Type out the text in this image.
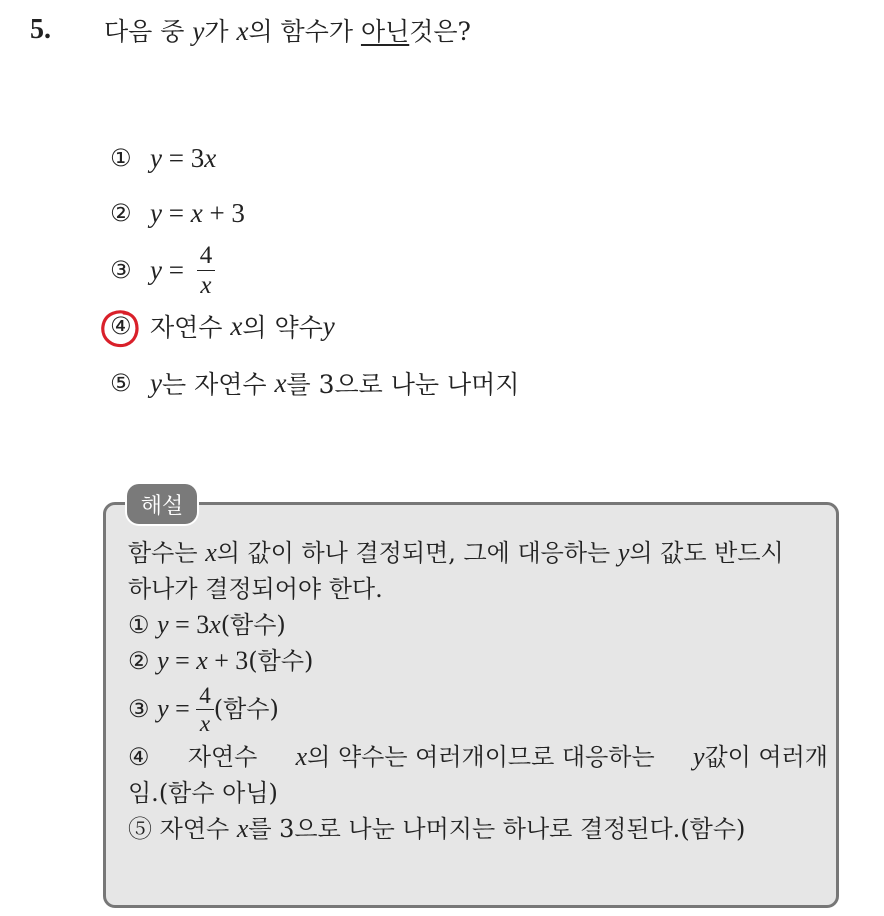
5. 다음 중 y가 x의 함수가 아닌것은?
① y = 3 x
② y = x + 3
③ $y = \frac{4}{x}$
④ 자연수 x 의 약수 y
⑤ y 는 자연수 x 를 3으로 나눈 나머지
함수는 x의 값이 하나 결정되면, 그에 대응하는 y의 값도 반드시
하나가 결정되어야 한다.
① y = 3x(함수)
② y = x + 3(함수)
③
$y = \frac{4}{x}$ (함수)
④ 자연수 x의 약수는 여러개이므로 대응하는 y값이 여러개
임.(함수 아님)
⑤ 자연수 x를 3으로 나눈 나머지는 하나로 결정된다.(함수)
해설
